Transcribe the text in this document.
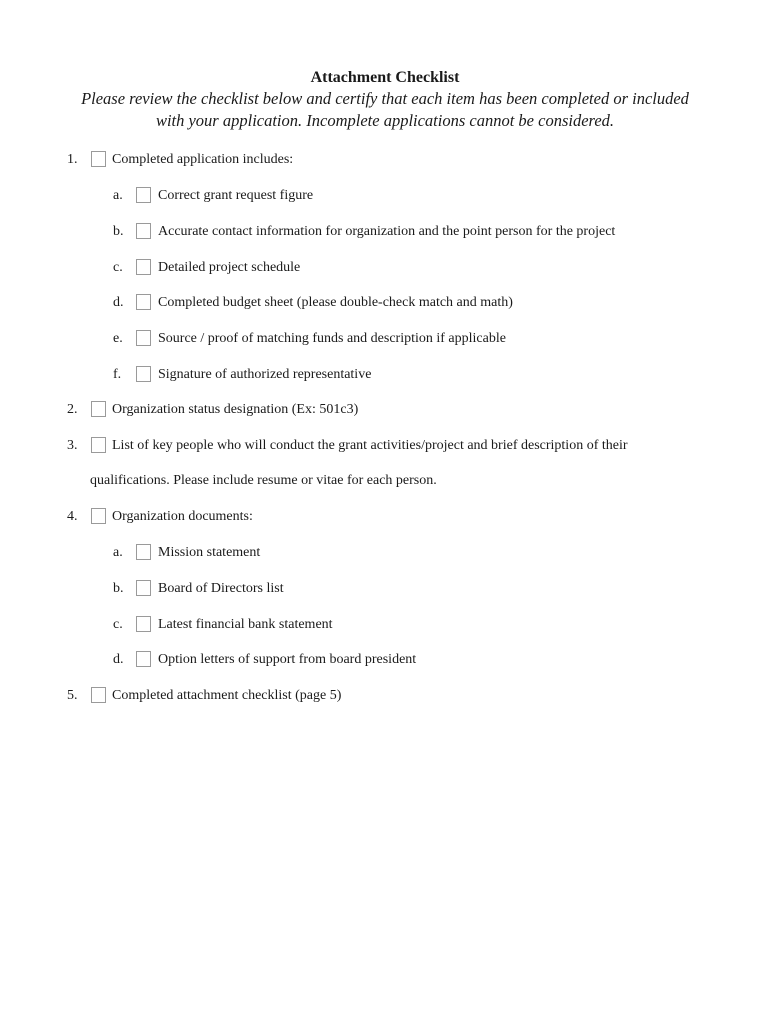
Attachment Checklist
Please review the checklist below and certify that each item has been completed or included
with your application. Incomplete applications cannot be considered.
1. Completed application includes:
a.	Correct grant request figure
b. Accurate contact information for organization and the point person for the project
c.	Detailed project schedule
d. Completed budget sheet (please double-check match and math)
e.	Source / proof of matching funds and description if applicable
f.	Signature of authorized representative
2. Organization status designation (Ex: 501c3)
3. List of key people who will conduct the grant activities/project and brief description of their
qualifications. Please include resume or vitae for each person.
4. Organization documents:
a.	Mission statement
b. Board of Directors list
c.	Latest financial bank statement
d. Option letters of support from board president
5. Completed attachment checklist (page 5)
